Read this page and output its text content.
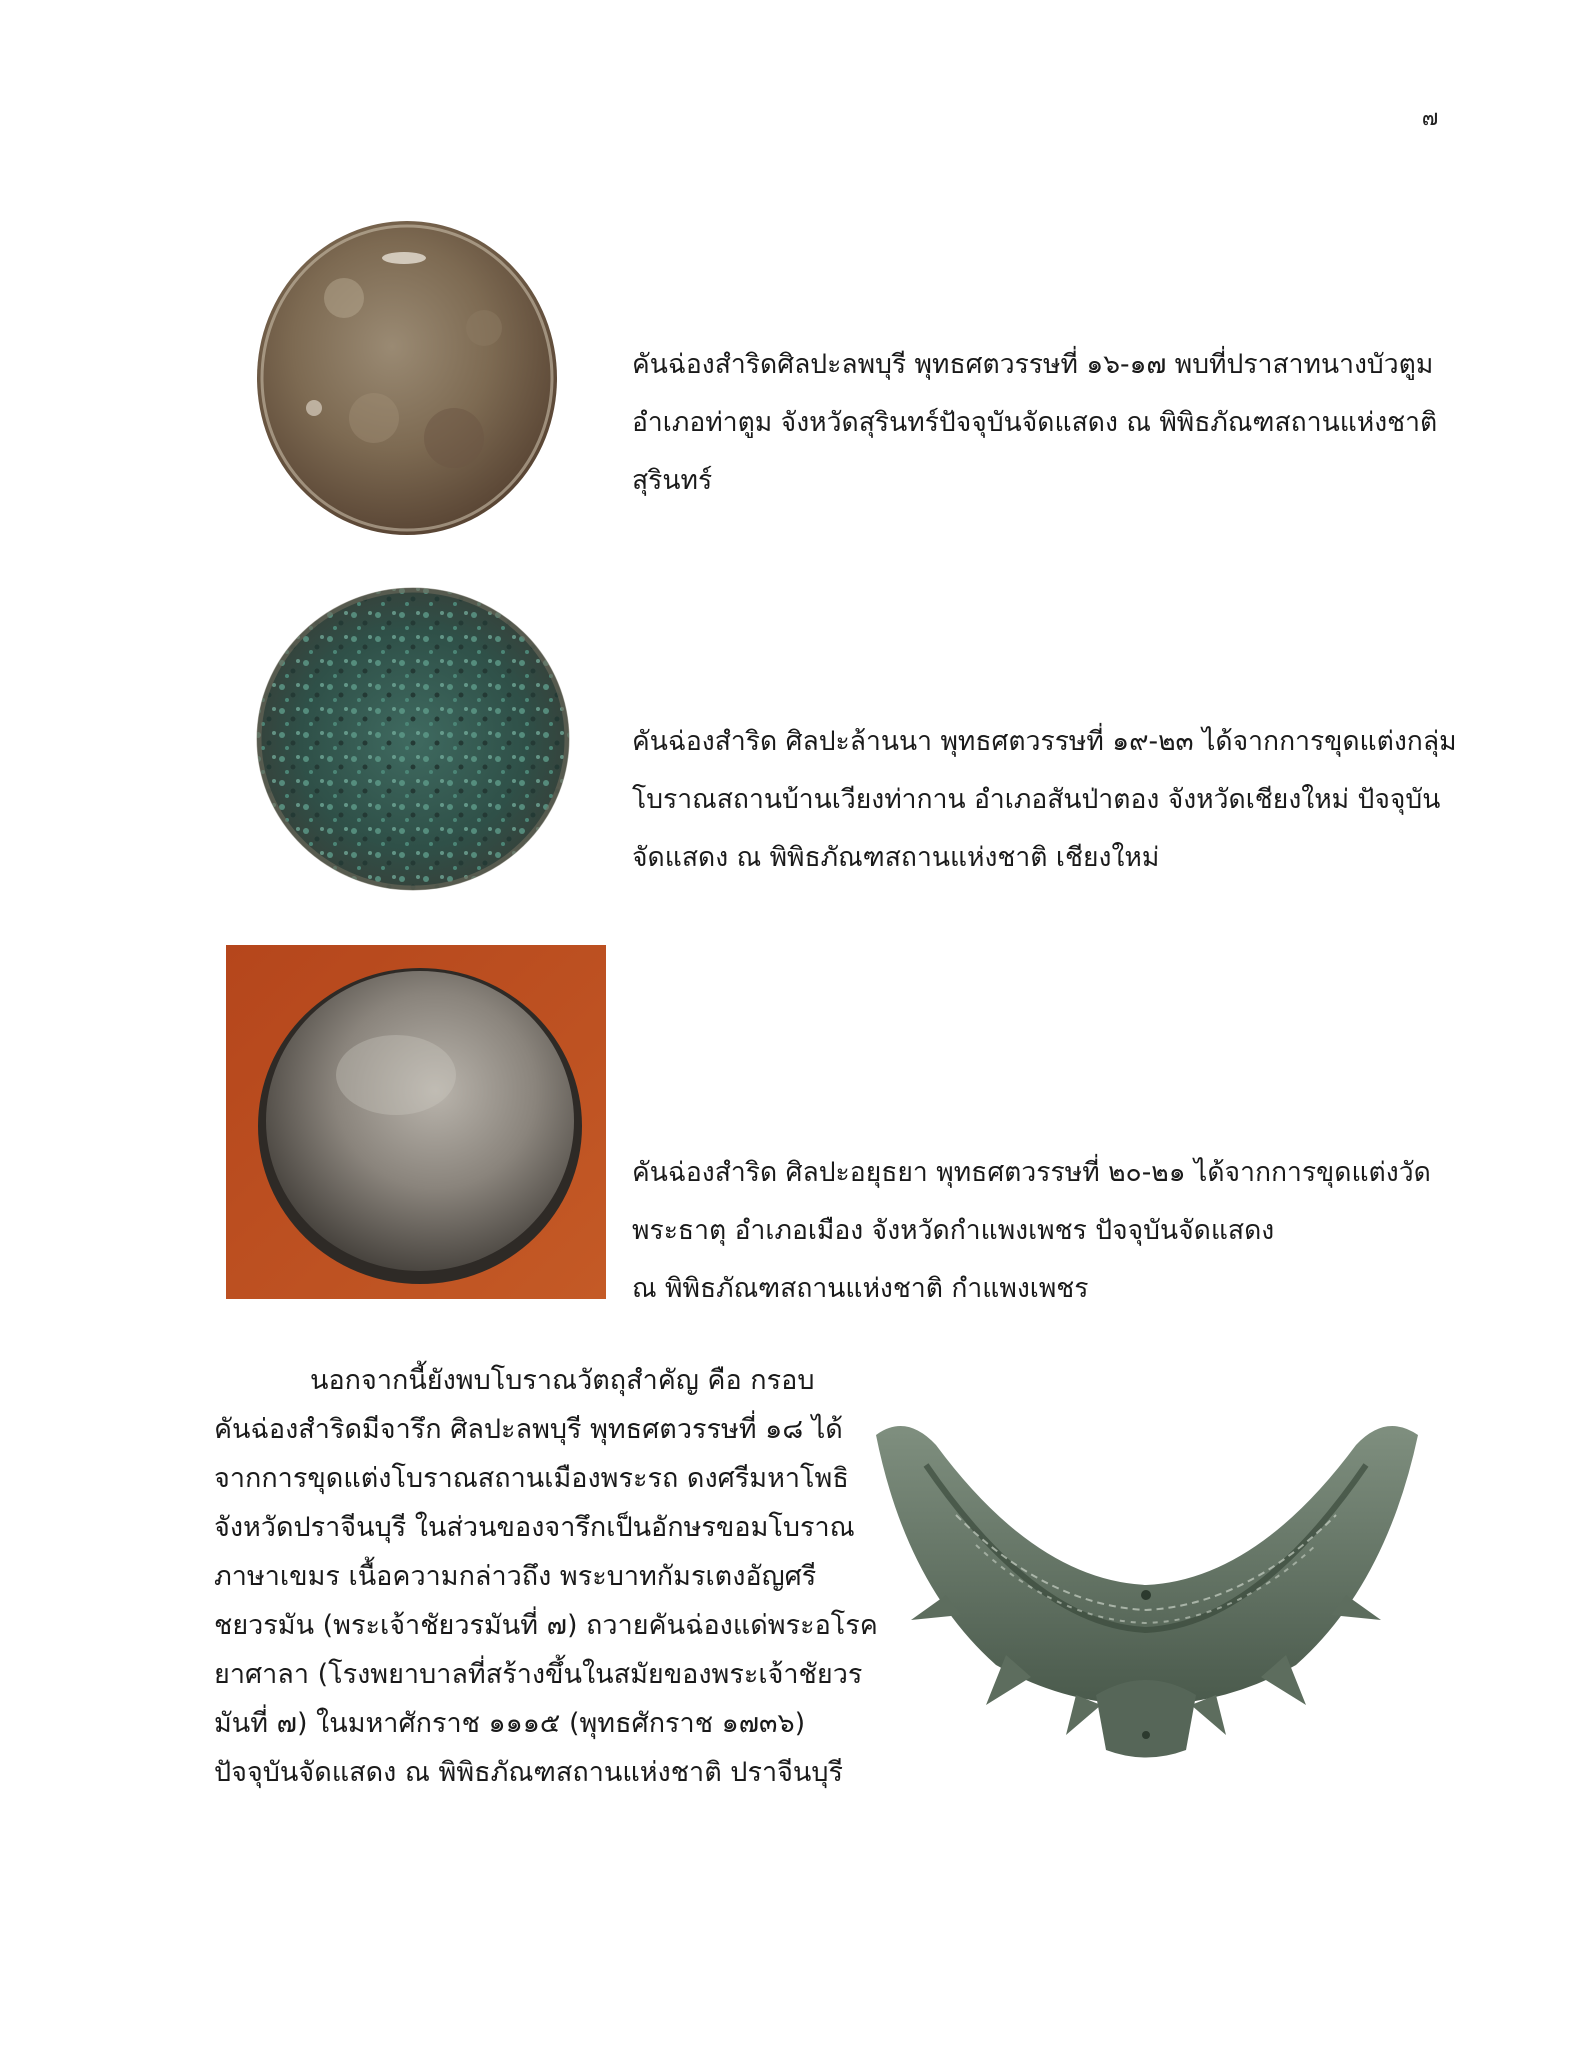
๗
คันฉ่องสำริดศิลปะลพบุรี พุทธศตวรรษที่ ๑๖-๑๗ พบที่ปราสาทนางบัวตูม
อำเภอท่าตูม จังหวัดสุรินทร์ปัจจุบันจัดแสดง ณ พิพิธภัณฑสถานแห่งชาติ
สุรินทร์
คันฉ่องสำริด ศิลปะล้านนา พุทธศตวรรษที่ ๑๙-๒๓ ได้จากการขุดแต่งกลุ่ม
โบราณสถานบ้านเวียงท่ากาน อำเภอสันป่าตอง จังหวัดเชียงใหม่ ปัจจุบัน
จัดแสดง ณ พิพิธภัณฑสถานแห่งชาติ เชียงใหม่
คันฉ่องสำริด ศิลปะอยุธยา พุทธศตวรรษที่ ๒๐-๒๑ ได้จากการขุดแต่งวัด
พระธาตุ อำเภอเมือง จังหวัดกำแพงเพชร ปัจจุบันจัดแสดง
ณ พิพิธภัณฑสถานแห่งชาติ กำแพงเพชร
นอกจากนี้ยังพบโบราณวัตถุสำคัญ คือ กรอบ
คันฉ่องสำริดมีจารึก ศิลปะลพบุรี พุทธศตวรรษที่ ๑๘ ได้
จากการขุดแต่งโบราณสถานเมืองพระรถ ดงศรีมหาโพธิ
จังหวัดปราจีนบุรี ในส่วนของจารึกเป็นอักษรขอมโบราณ
ภาษาเขมร เนื้อความกล่าวถึง พระบาทกัมรเตงอัญศรี
ชยวรมัน (พระเจ้าชัยวรมันที่ ๗) ถวายคันฉ่องแด่พระอโรค
ยาศาลา (โรงพยาบาลที่สร้างขึ้นในสมัยของพระเจ้าชัยวร
มันที่ ๗) ในมหาศักราช ๑๑๑๕ (พุทธศักราช ๑๗๓๖)
ปัจจุบันจัดแสดง ณ พิพิธภัณฑสถานแห่งชาติ ปราจีนบุรี
